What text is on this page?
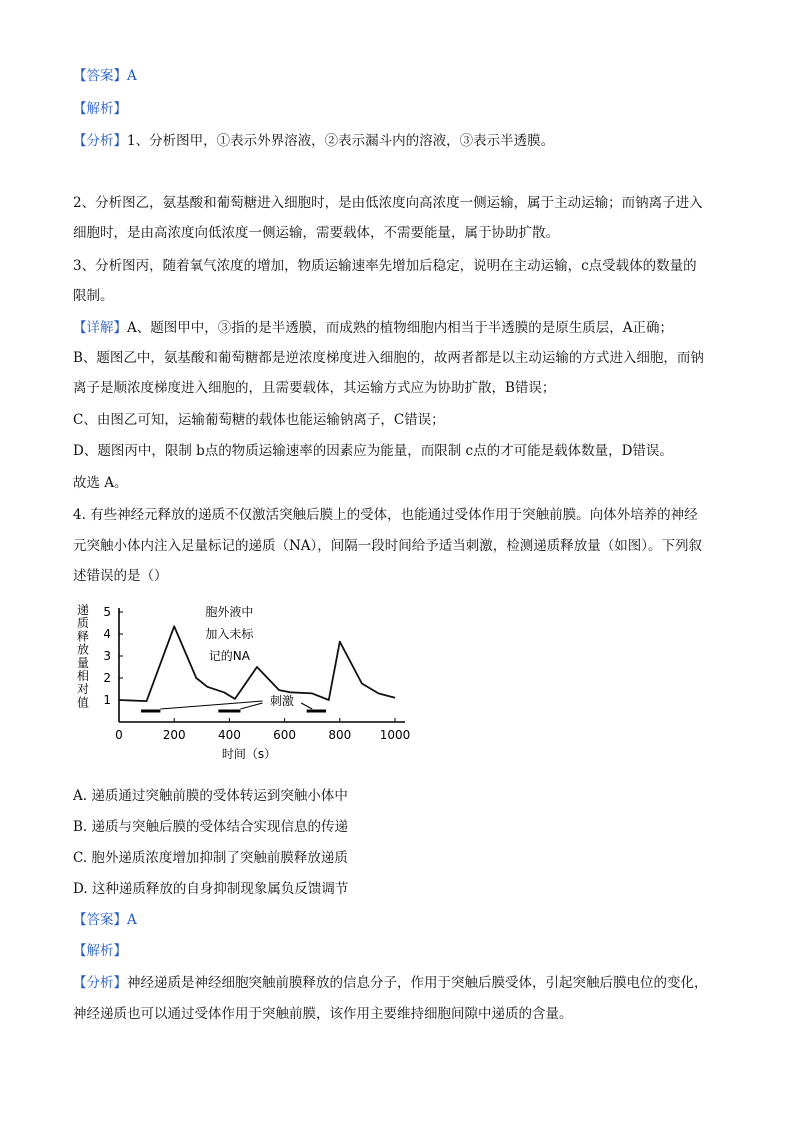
【答案】A
【解析】
【分析】1、分析图甲，①表示外界溶液，②表示漏斗内的溶液，③表示半透膜。
2、分析图乙，氨基酸和葡萄糖进入细胞时，是由低浓度向高浓度一侧运输，属于主动运输；而钠离子进入
细胞时，是由高浓度向低浓度一侧运输，需要载体，不需要能量，属于协助扩散。
3、分析图丙，随着氧气浓度的增加，物质运输速率先增加后稳定，说明在主动运输，c点受载体的数量的
限制。
【详解】A、题图甲中，③指的是半透膜，而成熟的植物细胞内相当于半透膜的是原生质层，A正确；
B、题图乙中，氨基酸和葡萄糖都是逆浓度梯度进入细胞的，故两者都是以主动运输的方式进入细胞，而钠
离子是顺浓度梯度进入细胞的，且需要载体，其运输方式应为协助扩散，B错误；
C、由图乙可知，运输葡萄糖的载体也能运输钠离子，C错误；
D、题图丙中，限制 b点的物质运输速率的因素应为能量，而限制 c点的才可能是载体数量，D错误。
故选 A。
4. 有些神经元释放的递质不仅激活突触后膜上的受体，也能通过受体作用于突触前膜。向体外培养的神经
元突触小体内注入足量标记的递质（NA），间隔一段时间给予适当刺激，检测递质释放量（如图）。下列叙
述错误的是（）
1
2
3
4
5
0	200	400	600	800 1000
递
质
释
放
量
相
对
值
时间（s）
胞外液中
加入未标
记的NA
刺激
A. 递质通过突触前膜的受体转运到突触小体中
B. 递质与突触后膜的受体结合实现信息的传递
C. 胞外递质浓度增加抑制了突触前膜释放递质
D. 这种递质释放的自身抑制现象属负反馈调节
【答案】A
【解析】
【分析】神经递质是神经细胞突触前膜释放的信息分子，作用于突触后膜受体，引起突触后膜电位的变化，
神经递质也可以通过受体作用于突触前膜，该作用主要维持细胞间隙中递质的含量。
